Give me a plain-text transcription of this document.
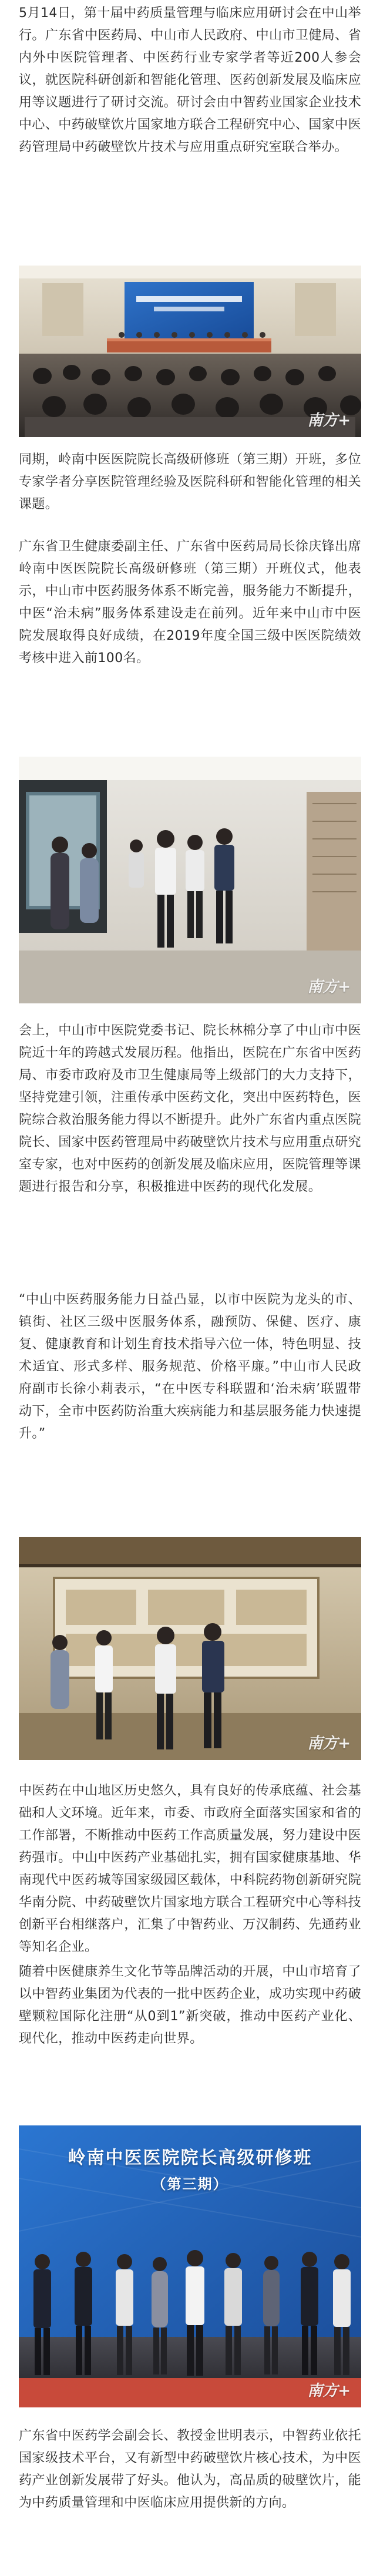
5月14日，第十届中药质量管理与临床应用研讨会在中山举行。广东省中医药局、中山市人民政府、中山市卫健局、省内外中医院管理者、中医药行业专家学者等近200人参会议，就医院科研创新和智能化管理、医药创新发展及临床应用等议题进行了研讨交流。研讨会由中智药业国家企业技术中心、中药破壁饮片国家地方联合工程研究中心、国家中医药管理局中药破壁饮片技术与应用重点研究室联合举办。

南方+

同期，岭南中医医院院长高级研修班（第三期）开班，多位专家学者分享医院管理经验及医院科研和智能化管理的相关课题。

广东省卫生健康委副主任、广东省中医药局局长徐庆锋出席岭南中医医院院长高级研修班（第三期）开班仪式，他表示，中山市中医药服务体系不断完善，服务能力不断提升，中医“治未病”服务体系建设走在前列。近年来中山市中医院发展取得良好成绩，在2019年度全国三级中医医院绩效考核中进入前100名。

南方+

会上，中山市中医院党委书记、院长林棉分享了中山市中医院近十年的跨越式发展历程。他指出，医院在广东省中医药局、市委市政府及市卫生健康局等上级部门的大力支持下，坚持党建引领，注重传承中医药文化，突出中医药特色，医院综合救治服务能力得以不断提升。此外广东省内重点医院院长、国家中医药管理局中药破壁饮片技术与应用重点研究室专家，也对中医药的创新发展及临床应用，医院管理等课题进行报告和分享，积极推进中医药的现代化发展。

“中山中医药服务能力日益凸显，以市中医院为龙头的市、镇街、社区三级中医服务体系，融预防、保健、医疗、康复、健康教育和计划生育技术指导六位一体，特色明显、技术适宜、形式多样、服务规范、价格平廉。”中山市人民政府副市长徐小莉表示，“在中医专科联盟和‘治未病’联盟带动下，全市中医药防治重大疾病能力和基层服务能力快速提升。”

南方+

中医药在中山地区历史悠久，具有良好的传承底蕴、社会基础和人文环境。近年来，市委、市政府全面落实国家和省的工作部署，不断推动中医药工作高质量发展，努力建设中医药强市。中山中医药产业基础扎实，拥有国家健康基地、华南现代中医药城等国家级园区载体，中科院药物创新研究院华南分院、中药破壁饮片国家地方联合工程研究中心等科技创新平台相继落户，汇集了中智药业、万汉制药、先通药业等知名企业。

随着中医健康养生文化节等品牌活动的开展，中山市培育了以中智药业集团为代表的一批中医药企业，成功实现中药破壁颗粒国际化注册“从0到1”新突破，推动中医药产业化、现代化，推动中医药走向世界。

岭南中医医院院长高级研修班
（第三期）
南方+

广东省中医药学会副会长、教授金世明表示，中智药业依托国家级技术平台，又有新型中药破壁饮片核心技术，为中医药产业创新发展带了好头。他认为，高品质的破壁饮片，能为中药质量管理和中医临床应用提供新的方向。
